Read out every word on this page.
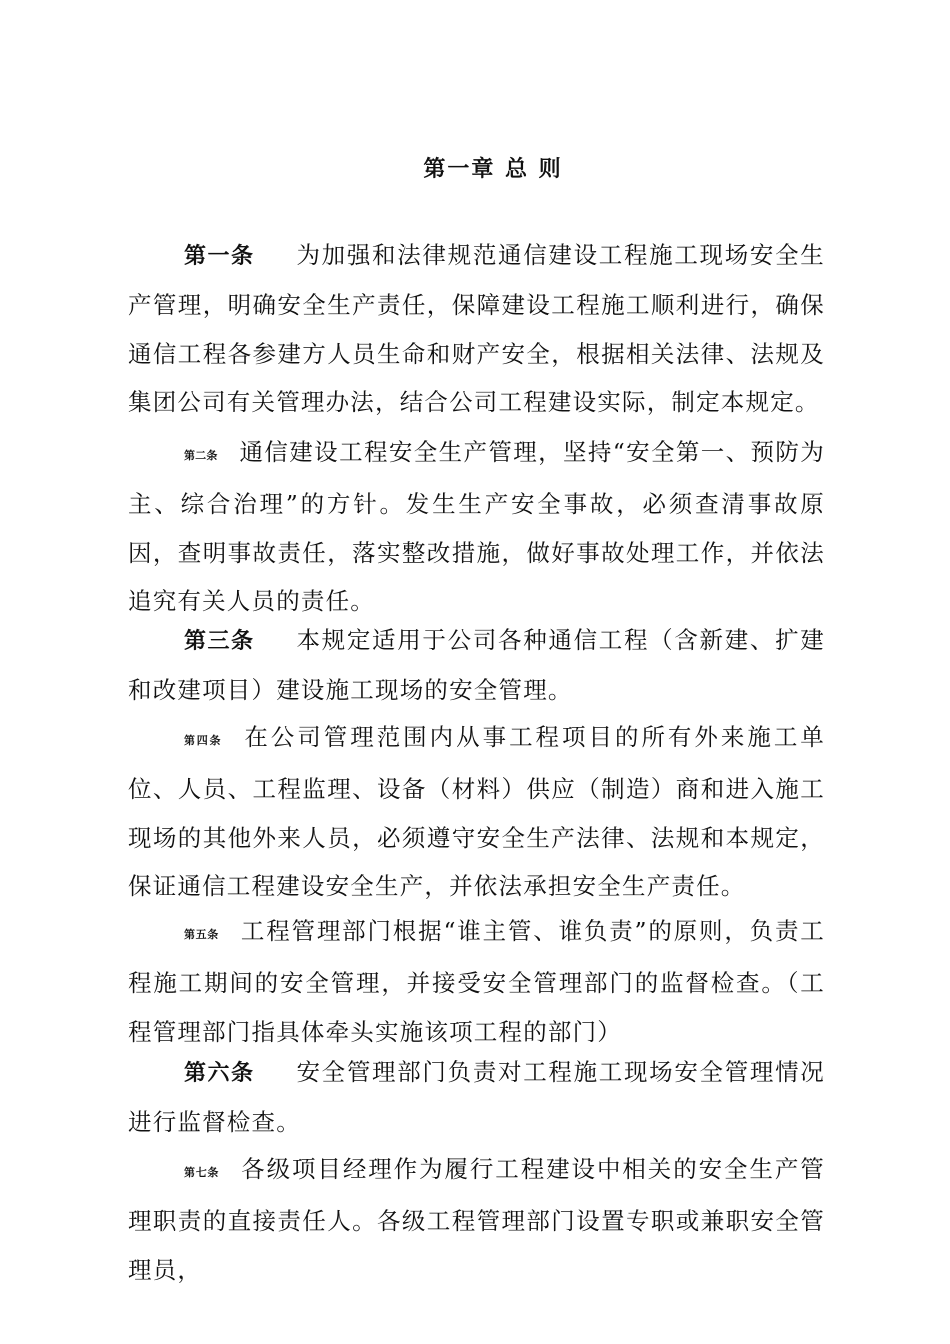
第一章 总 则

第一条 为加强和法律规范通信建设工程施工现场安全生产管理，明确安全生产责任，保障建设工程施工顺利进行，确保通信工程各参建方人员生命和财产安全，根据相关法律、法规及集团公司有关管理办法，结合公司工程建设实际，制定本规定。

第二条 通信建设工程安全生产管理，坚持“安全第一、预防为主、综合治理”的方针。发生生产安全事故，必须查清事故原因，查明事故责任，落实整改措施，做好事故处理工作，并依法追究有关人员的责任。

第三条 本规定适用于公司各种通信工程（含新建、扩建和改建项目）建设施工现场的安全管理。

第四条 在公司管理范围内从事工程项目的所有外来施工单位、人员、工程监理、设备（材料）供应（制造）商和进入施工现场的其他外来人员，必须遵守安全生产法律、法规和本规定，保证通信工程建设安全生产，并依法承担安全生产责任。

第五条 工程管理部门根据“谁主管、谁负责”的原则，负责工程施工期间的安全管理，并接受安全管理部门的监督检查。（工程管理部门指具体牵头实施该项工程的部门）

第六条 安全管理部门负责对工程施工现场安全管理情况进行监督检查。

第七条 各级项目经理作为履行工程建设中相关的安全生产管理职责的直接责任人。各级工程管理部门设置专职或兼职安全管理员，
